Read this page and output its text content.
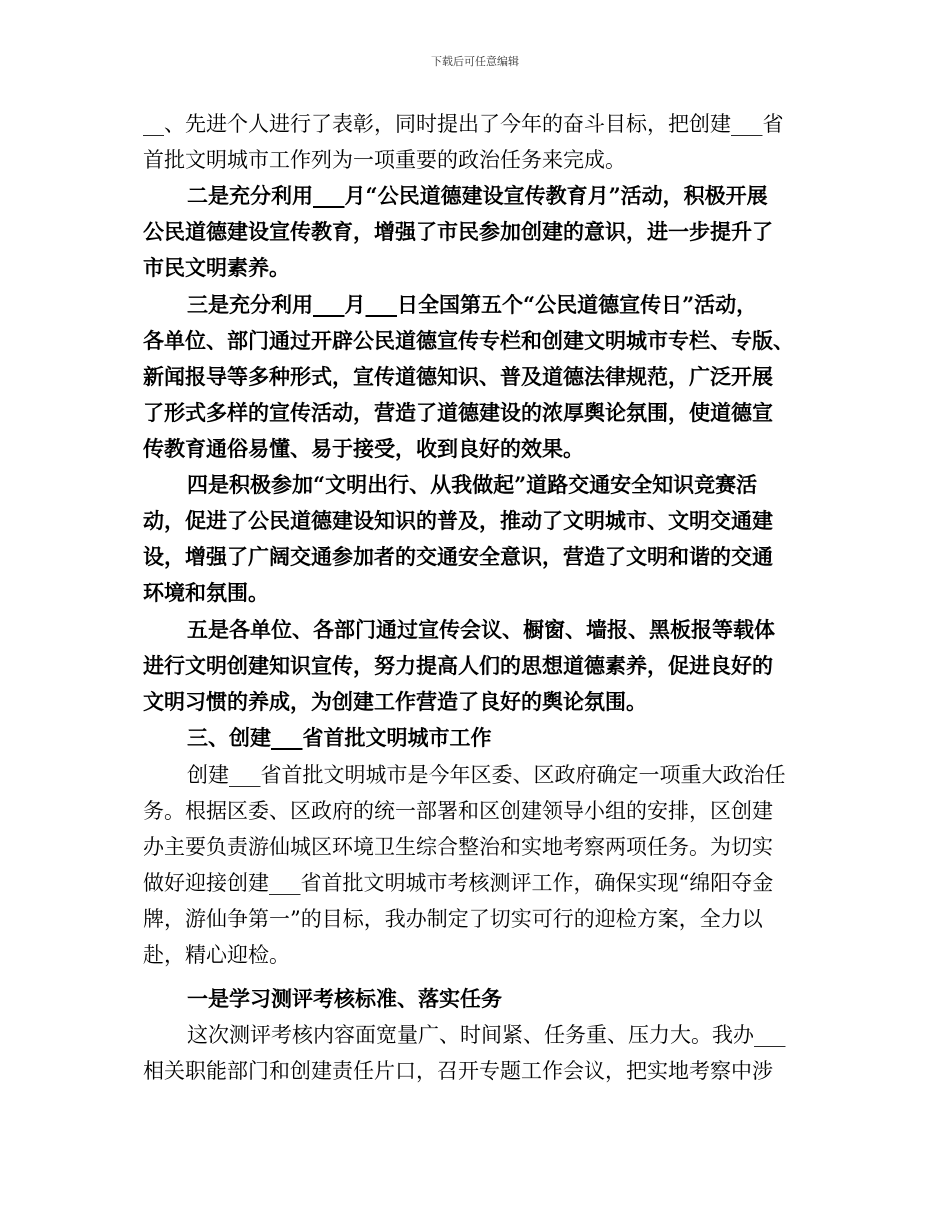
下载后可任意编辑
__、先进个人进行了表彰，同时提出了今年的奋斗目标，把创建___省
首批文明城市工作列为一项重要的政治任务来完成。
二是充分利用___月“公民道德建设宣传教育月”活动，积极开展
公民道德建设宣传教育，增强了市民参加创建的意识，进一步提升了
市民文明素养。
三是充分利用___月___日全国第五个“公民道德宣传日”活动，
各单位、部门通过开辟公民道德宣传专栏和创建文明城市专栏、专版、
新闻报导等多种形式，宣传道德知识、普及道德法律规范，广泛开展
了形式多样的宣传活动，营造了道德建设的浓厚舆论氛围，使道德宣
传教育通俗易懂、易于接受，收到良好的效果。
四是积极参加“文明出行、从我做起”道路交通安全知识竞赛活
动，促进了公民道德建设知识的普及，推动了文明城市、文明交通建
设，增强了广阔交通参加者的交通安全意识，营造了文明和谐的交通
环境和氛围。
五是各单位、各部门通过宣传会议、橱窗、墙报、黑板报等载体
进行文明创建知识宣传，努力提高人们的思想道德素养，促进良好的
文明习惯的养成，为创建工作营造了良好的舆论氛围。
三、创建___省首批文明城市工作
创建___省首批文明城市是今年区委、区政府确定一项重大政治任
务。根据区委、区政府的统一部署和区创建领导小组的安排，区创建
办主要负责游仙城区环境卫生综合整治和实地考察两项任务。为切实
做好迎接创建___省首批文明城市考核测评工作，确保实现“绵阳夺金
牌，游仙争第一”的目标，我办制定了切实可行的迎检方案，全力以
赴，精心迎检。
一是学习测评考核标准、落实任务
这次测评考核内容面宽量广、时间紧、任务重、压力大。我办___
相关职能部门和创建责任片口，召开专题工作会议，把实地考察中涉
